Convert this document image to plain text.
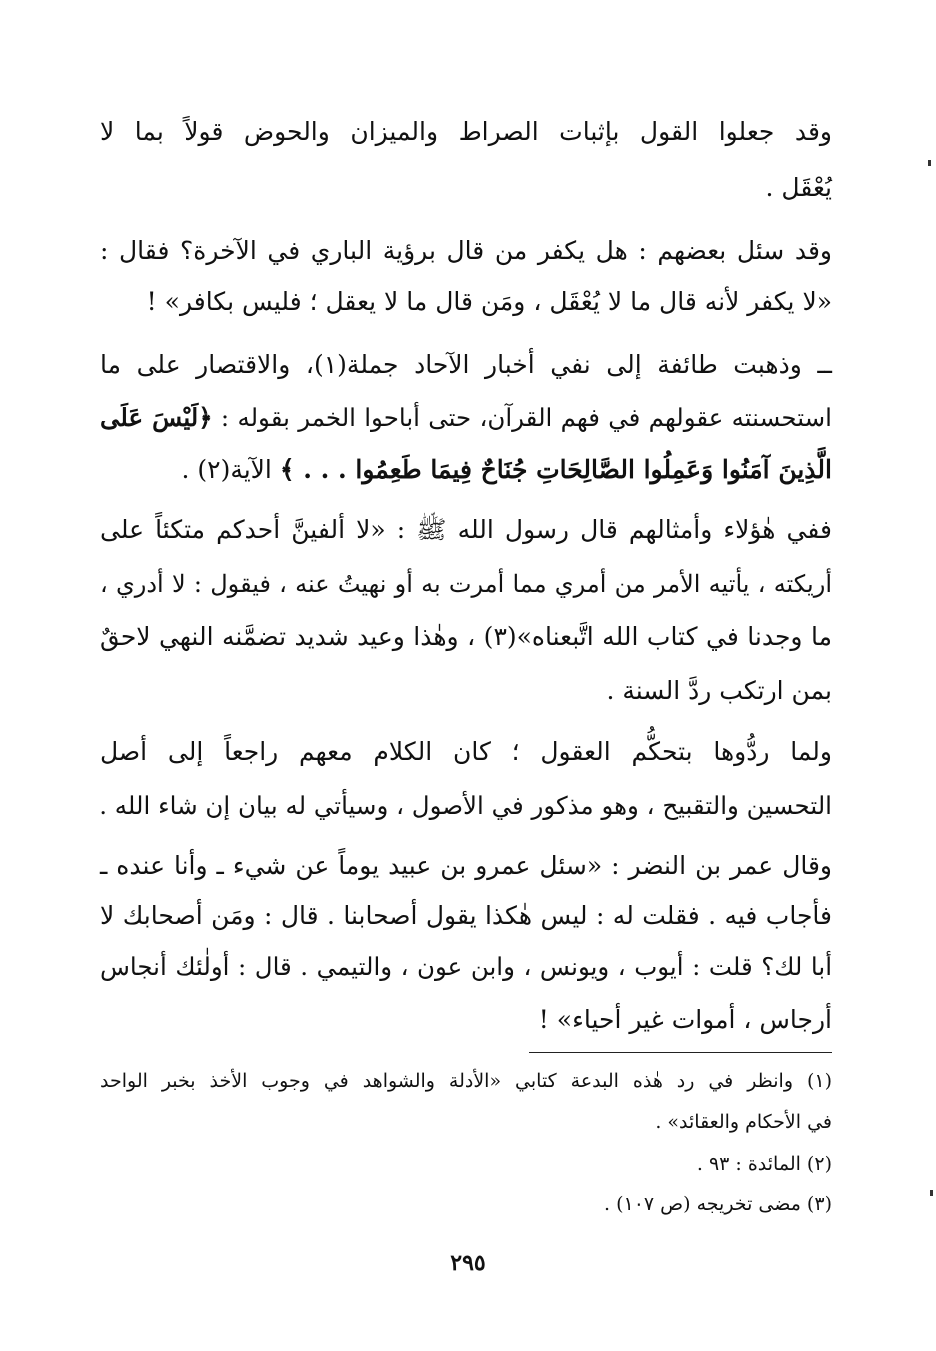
وقد جعلوا القول بإثبات الصراط والميزان والحوض قولاً بما لا
يُعْقَل .
وقد سئل بعضهم : هل يكفر من قال برؤية الباري في الآخرة؟ فقال :
«لا يكفر لأنه قال ما لا يُعْقَل ، ومَن قال ما لا يعقل ؛ فليس بكافر» !
ــ وذهبت طائفة إلى نفي أخبار الآحاد جملة(١)، والاقتصار على ما
استحسنته عقولهم في فهم القرآن، حتى أباحوا الخمر بقوله : ﴿لَيْسَ عَلَى
الَّذِينَ آمَنُوا وَعَمِلُوا الصَّالِحَاتِ جُنَاحٌ فِيمَا طَعِمُوا . . . ﴾ الآية(٢) .
ففي هٰؤلاء وأمثالهم قال رسول الله ﷺ : «لا ألفينَّ أحدكم متكئاً على
أريكته ، يأتيه الأمر من أمري مما أمرت به أو نهيتُ عنه ، فيقول : لا أدري ،
ما وجدنا في كتاب الله اتَّبعناه»(٣) ، وهٰذا وعيد شديد تضمَّنه النهي لاحقٌ
بمن ارتكب ردَّ السنة .
ولما ردُّوها بتحكُّم العقول ؛ كان الكلام معهم راجعاً إلى أصل
التحسين والتقبيح ، وهو مذكور في الأصول ، وسيأتي له بيان إن شاء الله .
وقال عمر بن النضر : «سئل عمرو بن عبيد يوماً عن شيء ـ وأنا عنده ـ
فأجاب فيه . فقلت له : ليس هٰكذا يقول أصحابنا . قال : ومَن أصحابك لا
أبا لك؟ قلت : أيوب ، ويونس ، وابن عون ، والتيمي . قال : أولٰئك أنجاس
أرجاس ، أموات غير أحياء» !
(١) وانظر في رد هٰذه البدعة كتابي «الأدلة والشواهد في وجوب الأخذ بخبر الواحد
في الأحكام والعقائد» .
(٢) المائدة : ٩٣ .
(٣) مضى تخريجه (ص ١٠٧) .
٢٩٥
